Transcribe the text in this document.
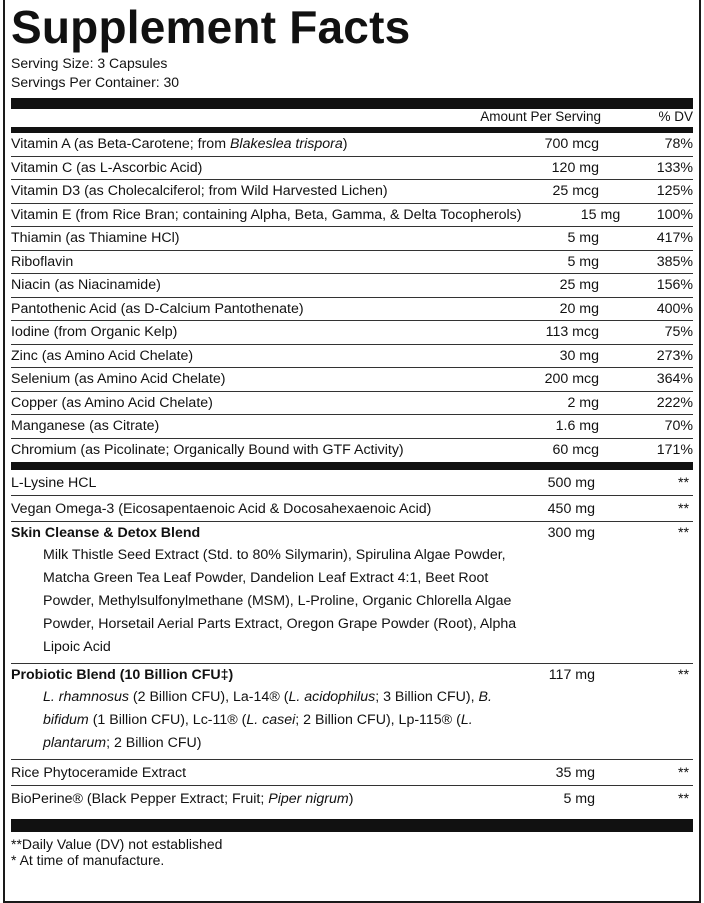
Supplement Facts
Serving Size: 3 Capsules
Servings Per Container: 30
Amount Per Serving	% DV
Vitamin A (as Beta-Carotene; from Blakeslea trispora)	700 mcg	78%
Vitamin C (as L-Ascorbic Acid)	120 mg	133%
Vitamin D3 (as Cholecalciferol; from Wild Harvested Lichen)	25 mcg	125%
Vitamin E (from Rice Bran; containing Alpha, Beta, Gamma, & Delta Tocopherols)	15 mg	100%
Thiamin (as Thiamine HCl)	5 mg	417%
Riboflavin	5 mg	385%
Niacin (as Niacinamide)	25 mg	156%
Pantothenic Acid (as D-Calcium Pantothenate)	20 mg	400%
Iodine (from Organic Kelp)	113 mcg	75%
Zinc (as Amino Acid Chelate)	30 mg	273%
Selenium (as Amino Acid Chelate)	200 mcg	364%
Copper (as Amino Acid Chelate)	2 mg	222%
Manganese (as Citrate)	1.6 mg	70%
Chromium (as Picolinate; Organically Bound with GTF Activity)	60 mcg	171%
L-Lysine HCL	500 mg	**
Vegan Omega-3 (Eicosapentaenoic Acid & Docosahexaenoic Acid)	450 mg	**
Skin Cleanse & Detox Blend	300 mg	**
Milk Thistle Seed Extract (Std. to 80% Silymarin), Spirulina Algae Powder, Matcha Green Tea Leaf Powder, Dandelion Leaf Extract 4:1, Beet Root Powder, Methylsulfonylmethane (MSM), L-Proline, Organic Chlorella Algae Powder, Horsetail Aerial Parts Extract, Oregon Grape Powder (Root), Alpha Lipoic Acid
Probiotic Blend (10 Billion CFU‡)	117 mg	**
L. rhamnosus (2 Billion CFU), La-14® (L. acidophilus; 3 Billion CFU), B. bifidum (1 Billion CFU), Lc-11® (L. casei; 2 Billion CFU), Lp-115® (L. plantarum; 2 Billion CFU)
Rice Phytoceramide Extract	35 mg	**
BioPerine® (Black Pepper Extract; Fruit; Piper nigrum)	5 mg	**
**Daily Value (DV) not established
* At time of manufacture.
